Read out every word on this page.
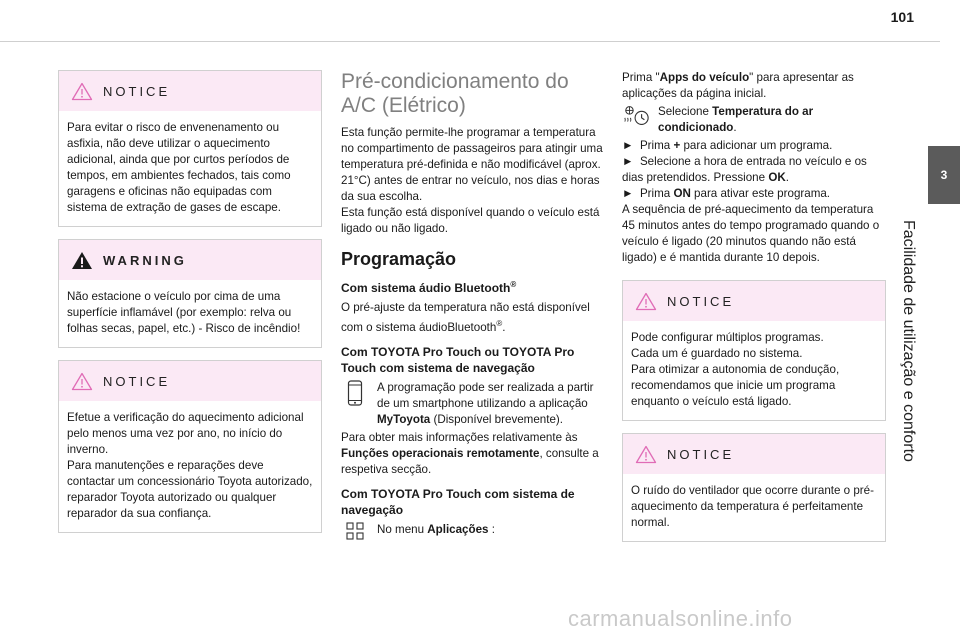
101
3
Facilidade de utilização e conforto
NOTICE

Para evitar o risco de envenenamento ou asfixia, não deve utilizar o aquecimento adicional, ainda que por curtos períodos de tempos, em ambientes fechados, tais como garagens e oficinas não equipadas com sistema de extração de gases de escape.

WARNING

Não estacione o veículo por cima de uma superfície inflamável (por exemplo: relva ou folhas secas, papel, etc.) - Risco de incêndio!

NOTICE

Efetue a verificação do aquecimento adicional pelo menos uma vez por ano, no início do inverno.

Para manutenções e reparações deve contactar um concessionário Toyota autorizado, reparador Toyota autorizado ou qualquer reparador da sua confiança.

Pré-condicionamento do A/C (Elétrico)

Esta função permite-lhe programar a temperatura no compartimento de passageiros para atingir uma temperatura pré-definida e não modificável (aprox. 21°C) antes de entrar no veículo, nos dias e horas da sua escolha.

Esta função está disponível quando o veículo está ligado ou não ligado.

Programação
Com sistema áudio Bluetooth®

O pré-ajuste da temperatura não está disponível com o sistema áudioBluetooth®.

Com TOYOTA Pro Touch ou TOYOTA Pro Touch com sistema de navegação
A programação pode ser realizada a partir de um smartphone utilizando a aplicação MyToyota (Disponível brevemente).

Para obter mais informações relativamente às Funções operacionais remotamente, consulte a respetiva secção.

Com TOYOTA Pro Touch com sistema de navegação
No menu Aplicações :

Prima "Apps do veículo" para apresentar as aplicações da página inicial.

Selecione Temperatura do ar condicionado.

► Prima + para adicionar um programa.

► Selecione a hora de entrada no veículo e os dias pretendidos. Pressione OK.

► Prima ON para ativar este programa.

A sequência de pré-aquecimento da temperatura 45 minutos antes do tempo programado quando o veículo é ligado (20 minutos quando não está ligado) e é mantida durante 10 depois.

NOTICE

Pode configurar múltiplos programas.

Cada um é guardado no sistema.

Para otimizar a autonomia de condução, recomendamos que inicie um programa enquanto o veículo está ligado.

NOTICE

O ruído do ventilador que ocorre durante o pré-aquecimento da temperatura é perfeitamente normal.

carmanualsonline.info
